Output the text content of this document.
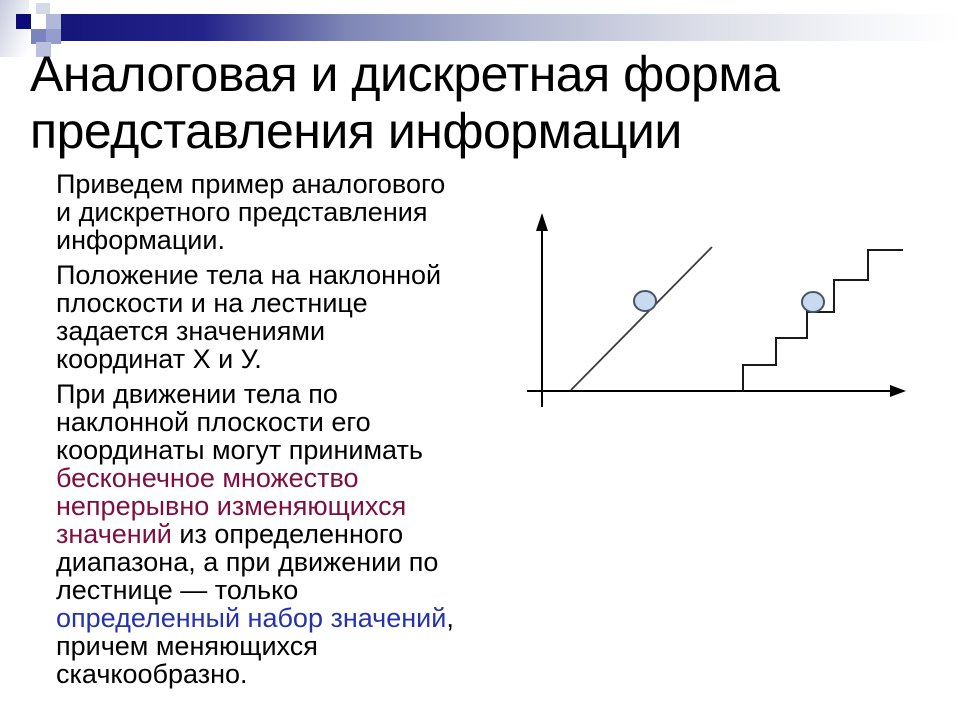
Аналоговая и дискретная форма представления информации

Приведем пример аналогового и дискретного представления информации.

Положение тела на наклонной плоскости и на лестнице задается значениями координат Х и У.

При движении тела по наклонной плоскости его координаты могут принимать бесконечное множество непрерывно изменяющихся значений из определенного диапазона, а при движении по лестнице — только определенный набор значений, причем меняющихся скачкообразно.
